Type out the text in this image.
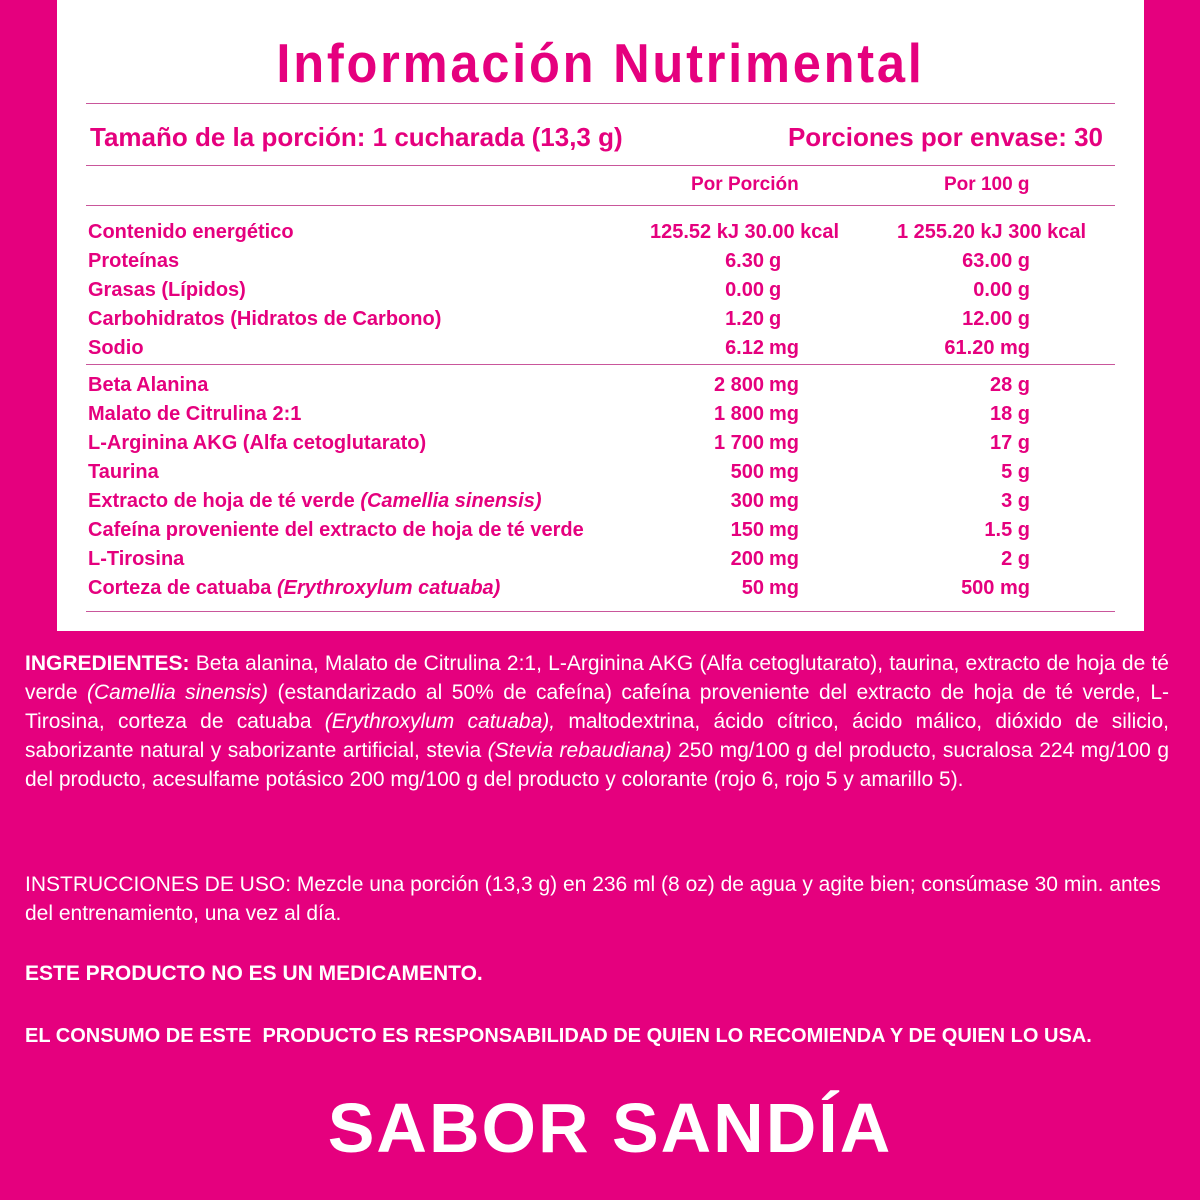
Información Nutrimental
Tamaño de la porción: 1 cucharada (13,3 g)	Porciones por envase: 30
Por Porción	Por 100 g
Contenido energético	125.52 kJ 30.00 kcal	1 255.20 kJ 300 kcal
Proteínas	6.30 g	63.00 g
Grasas (Lípidos)	0.00 g	0.00 g
Carbohidratos (Hidratos de Carbono)	1.20 g	12.00 g
Sodio	6.12 mg	61.20 mg
Beta Alanina	2 800 mg	28 g
Malato de Citrulina 2:1	1 800 mg	18 g
L-Arginina AKG (Alfa cetoglutarato)	1 700 mg	17 g
Taurina	500 mg	5 g
Extracto de hoja de té verde (Camellia sinensis)	300 mg	3 g
Cafeína proveniente del extracto de hoja de té verde	150 mg	1.5 g
L-Tirosina	200 mg	2 g
Corteza de catuaba (Erythroxylum catuaba)	50 mg	500 mg
INGREDIENTES: Beta alanina, Malato de Citrulina 2:1, L-Arginina AKG (Alfa cetoglutarato), taurina, extracto de hoja de té verde (Camellia sinensis) (estandarizado al 50% de cafeína) cafeína proveniente del extracto de hoja de té verde, L-Tirosina, corteza de catuaba (Erythroxylum catuaba), maltodextrina, ácido cítrico, ácido málico, dióxido de silicio, saborizante natural y saborizante artificial, stevia (Stevia rebaudiana) 250 mg/100 g del producto, sucralosa 224 mg/100 g del producto, acesulfame potásico 200 mg/100 g del producto y colorante (rojo 6, rojo 5 y amarillo 5).
INSTRUCCIONES DE USO: Mezcle una porción (13,3 g) en 236 ml (8 oz) de agua y agite bien; consúmase 30 min. antes del entrenamiento, una vez al día.
ESTE PRODUCTO NO ES UN MEDICAMENTO.
EL CONSUMO DE ESTE  PRODUCTO ES RESPONSABILIDAD DE QUIEN LO RECOMIENDA Y DE QUIEN LO USA.
SABOR SANDÍA
